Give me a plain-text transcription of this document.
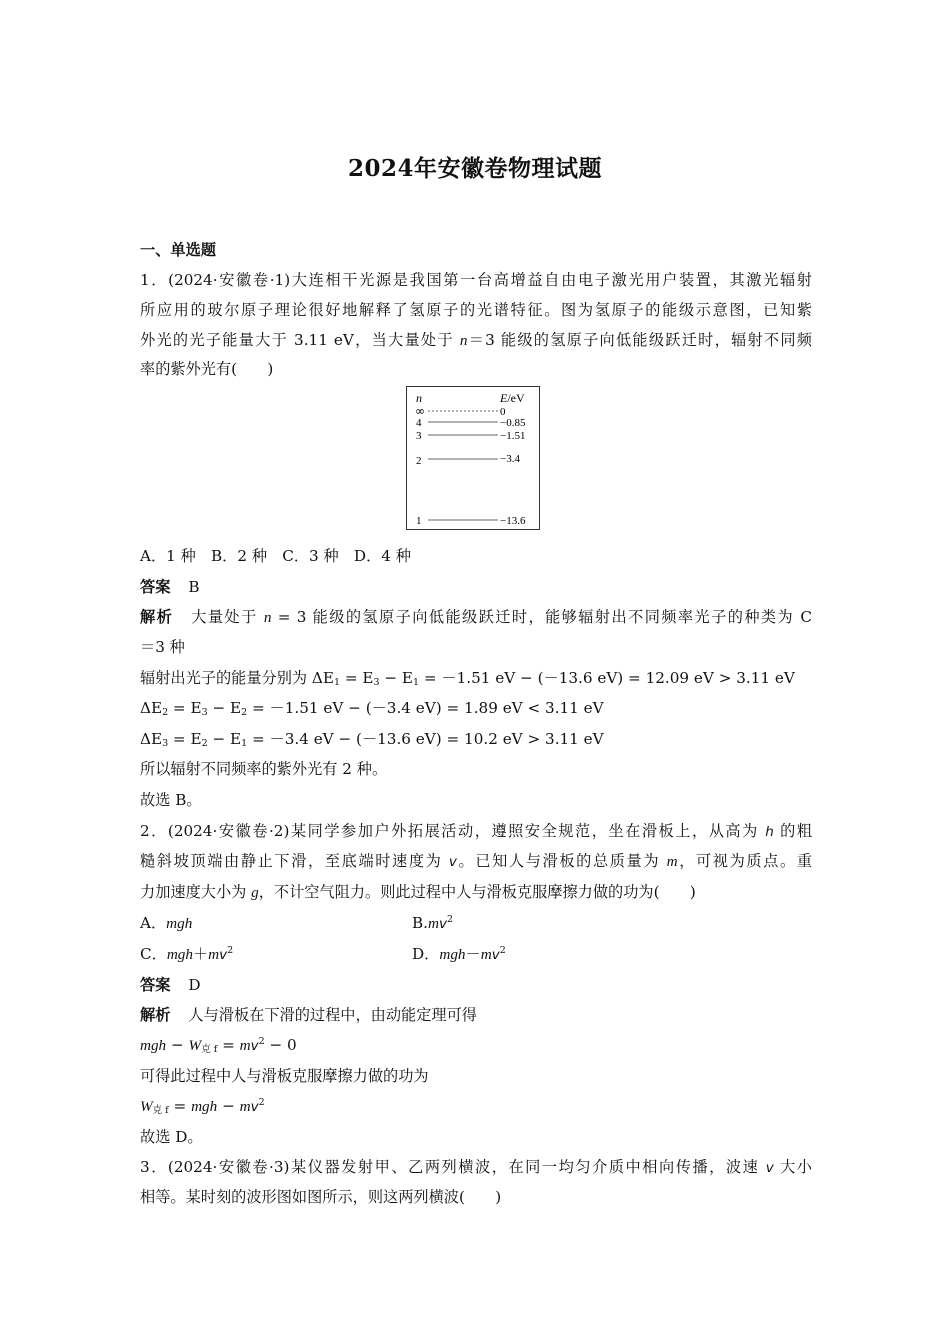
2024年安徽卷物理试题
一、单选题
1．(2024·安徽卷·1)大连相干光源是我国第一台高增益自由电子激光用户装置，其激光辐射
所应用的玻尔原子理论很好地解释了氢原子的光谱特征。图为氢原子的能级示意图，已知紫
外光的光子能量大于 3.11 eV，当大量处于 n＝3 能级的氢原子向低能级跃迁时，辐射不同频
率的紫外光有(　　)
n	E/eV
∞	0
4	−0.85
3	−1.51
2	−3.4
1	−13.6
A．1 种　B．2 种　C．3 种　D．4 种
答案 B
解析 大量处于 n = 3 能级的氢原子向低能级跃迁时，能够辐射出不同频率光子的种类为 C
＝3 种
辐射出光子的能量分别为 $\Delta E_1 = E_3 - E_1 = -1.51$ eV − (－13.6 eV) = 12.09 eV > 3.11 eV
$\Delta E_2 = E_3 - E_2 = -1.51$ eV − (－3.4 eV) = 1.89 eV < 3.11 eV
$\Delta E_3 = E_2 - E_1 = -3.4$ eV − (－13.6 eV) = 10.2 eV > 3.11 eV
所以辐射不同频率的紫外光有 2 种。
故选 B。
2．(2024·安徽卷·2)某同学参加户外拓展活动，遵照安全规范，坐在滑板上，从高为 h 的粗
糙斜坡顶端由静止下滑，至底端时速度为 v。已知人与滑板的总质量为 m，可视为质点。重
力加速度大小为 g，不计空气阻力。则此过程中人与滑板克服摩擦力做的功为(　　)
A．mgh	$B.mv^2$
C．$mgh+mv^2$	D．$mgh-mv^2$
答案 D
解析 人与滑板在下滑的过程中，由动能定理可得
mgh − $W_{克 f} = mv^2 - 0$
可得此过程中人与滑板克服摩擦力做的功为
$W_{克 f}$ = mgh − $mv^2$
故选 D。
3．(2024·安徽卷·3)某仪器发射甲、乙两列横波，在同一均匀介质中相向传播，波速 v 大小
相等。某时刻的波形图如图所示，则这两列横波(　　)
